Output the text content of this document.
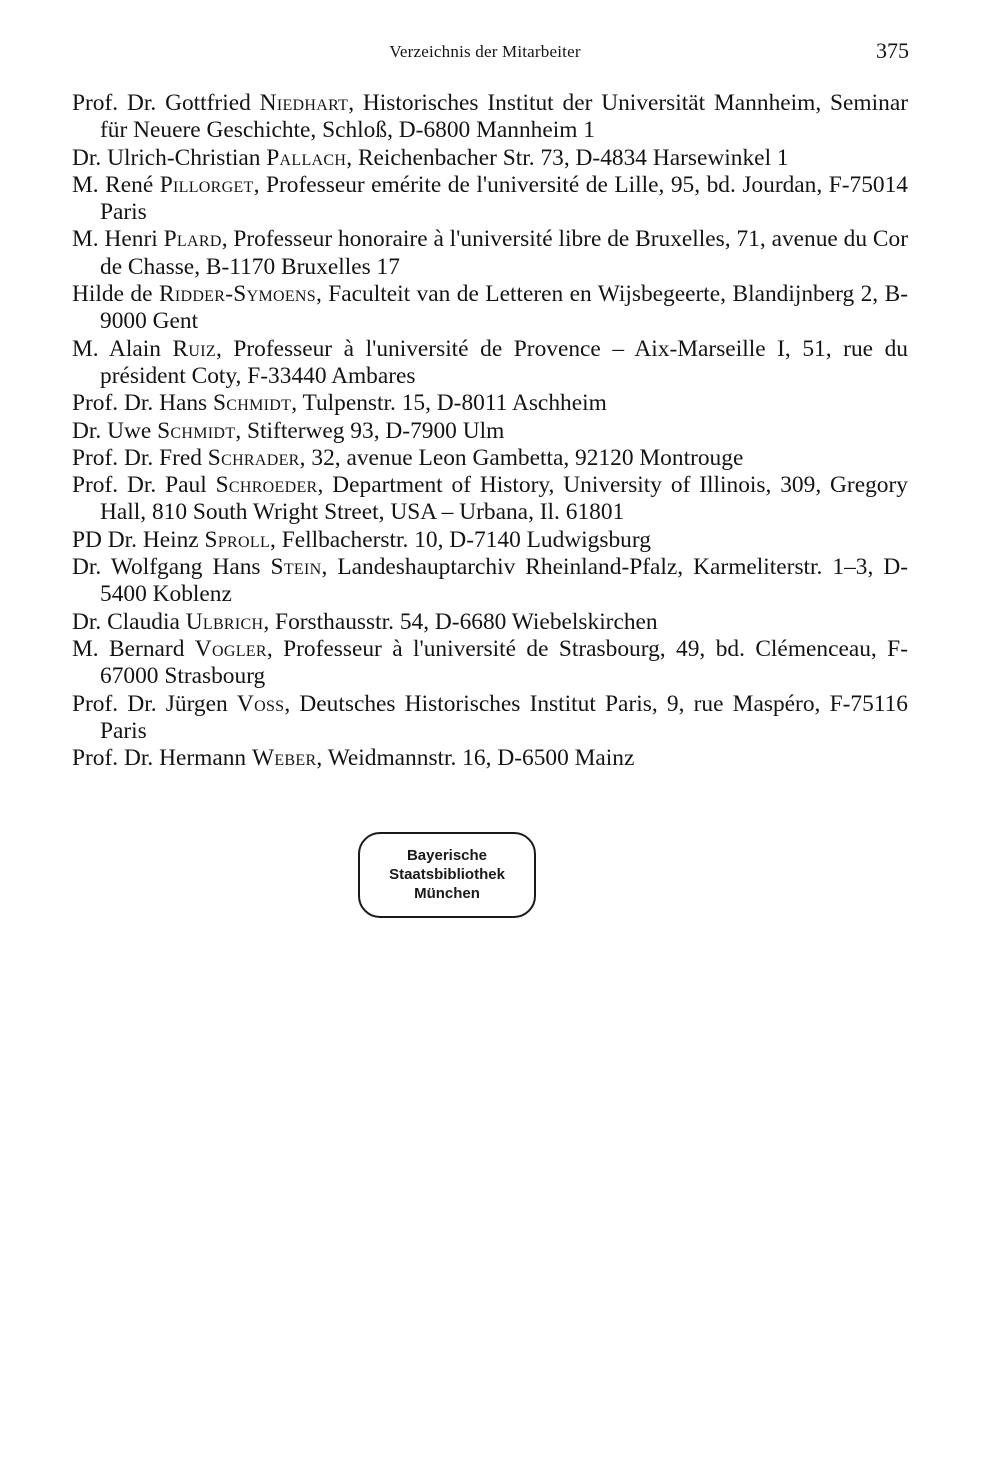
Verzeichnis der Mitarbeiter	375
Prof. Dr. Gottfried Niedhart, Historisches Institut der Universität Mannheim, Seminar für Neuere Geschichte, Schloß, D-6800 Mannheim 1
Dr. Ulrich-Christian Pallach, Reichenbacher Str. 73, D-4834 Harsewinkel 1
M. René Pillorget, Professeur emérite de l'université de Lille, 95, bd. Jourdan, F-75014 Paris
M. Henri Plard, Professeur honoraire à l'université libre de Bruxelles, 71, avenue du Cor de Chasse, B-1170 Bruxelles 17
Hilde de Ridder-Symoens, Faculteit van de Letteren en Wijsbegeerte, Blandijnberg 2, B-9000 Gent
M. Alain Ruiz, Professeur à l'université de Provence – Aix-Marseille I, 51, rue du président Coty, F-33440 Ambares
Prof. Dr. Hans Schmidt, Tulpenstr. 15, D-8011 Aschheim
Dr. Uwe Schmidt, Stifterweg 93, D-7900 Ulm
Prof. Dr. Fred Schrader, 32, avenue Leon Gambetta, 92120 Montrouge
Prof. Dr. Paul Schroeder, Department of History, University of Illinois, 309, Gregory Hall, 810 South Wright Street, USA – Urbana, Il. 61801
PD Dr. Heinz Sproll, Fellbacherstr. 10, D-7140 Ludwigsburg
Dr. Wolfgang Hans Stein, Landeshauptarchiv Rheinland-Pfalz, Karmeliterstr. 1–3, D-5400 Koblenz
Dr. Claudia Ulbrich, Forsthausstr. 54, D-6680 Wiebelskirchen
M. Bernard Vogler, Professeur à l'université de Strasbourg, 49, bd. Clémenceau, F-67000 Strasbourg
Prof. Dr. Jürgen Voss, Deutsches Historisches Institut Paris, 9, rue Maspéro, F-75116 Paris
Prof. Dr. Hermann Weber, Weidmannstr. 16, D-6500 Mainz
Bayerische
Staatsbibliothek
München
